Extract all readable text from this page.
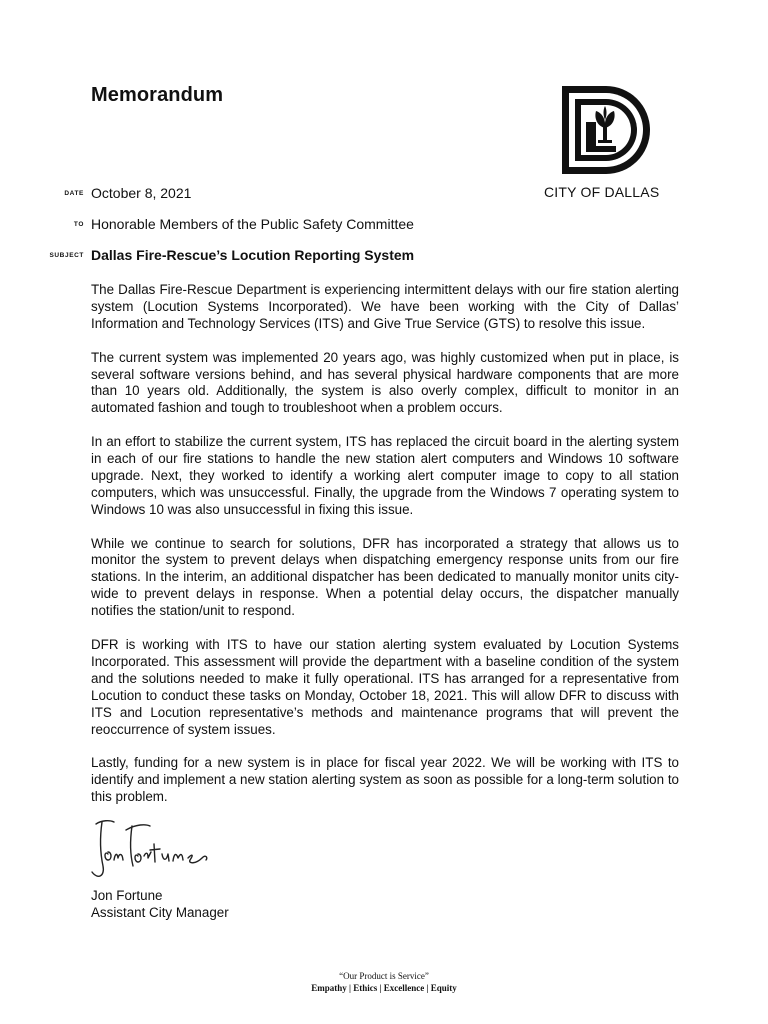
Memorandum
CITY OF DALLAS
DATE October 8, 2021
TO Honorable Members of the Public Safety Committee
SUBJECT Dallas Fire-Rescue’s Locution Reporting System

The Dallas Fire-Rescue Department is experiencing intermittent delays with our fire station alerting system (Locution Systems Incorporated). We have been working with the City of Dallas’ Information and Technology Services (ITS) and Give True Service (GTS) to resolve this issue.

The current system was implemented 20 years ago, was highly customized when put in place, is several software versions behind, and has several physical hardware components that are more than 10 years old. Additionally, the system is also overly complex, difficult to monitor in an automated fashion and tough to troubleshoot when a problem occurs.

In an effort to stabilize the current system, ITS has replaced the circuit board in the alerting system in each of our fire stations to handle the new station alert computers and Windows 10 software upgrade. Next, they worked to identify a working alert computer image to copy to all station computers, which was unsuccessful. Finally, the upgrade from the Windows 7 operating system to Windows 10 was also unsuccessful in fixing this issue.

While we continue to search for solutions, DFR has incorporated a strategy that allows us to monitor the system to prevent delays when dispatching emergency response units from our fire stations. In the interim, an additional dispatcher has been dedicated to manually monitor units city-wide to prevent delays in response. When a potential delay occurs, the dispatcher manually notifies the station/unit to respond.

DFR is working with ITS to have our station alerting system evaluated by Locution Systems Incorporated. This assessment will provide the department with a baseline condition of the system and the solutions needed to make it fully operational. ITS has arranged for a representative from Locution to conduct these tasks on Monday, October 18, 2021. This will allow DFR to discuss with ITS and Locution representative’s methods and maintenance programs that will prevent the reoccurrence of system issues.

Lastly, funding for a new system is in place for fiscal year 2022. We will be working with ITS to identify and implement a new station alerting system as soon as possible for a long-term solution to this problem.

Jon Fortune
Assistant City Manager
“Our Product is Service”
Empathy | Ethics | Excellence | Equity
